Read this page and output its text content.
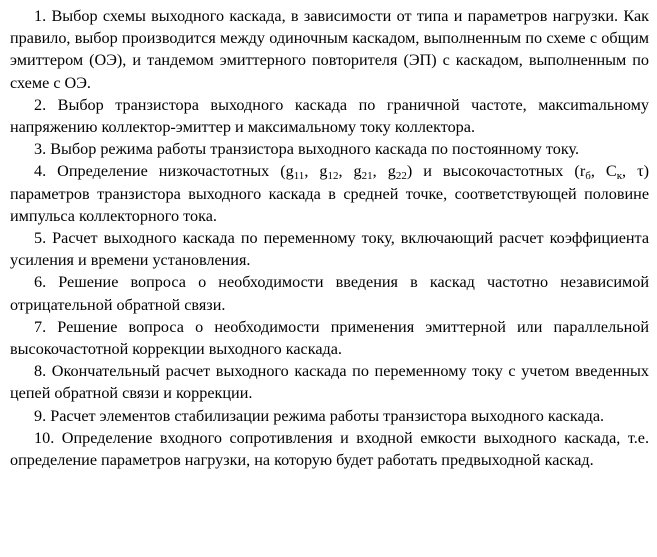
1. Выбор схемы выходного каскада, в зависимости от типа и параметров нагрузки. Как правило, выбор производится между одиночным каскадом, выполненным по схеме с общим эмиттером (ОЭ), и тандемом эмиттерного повторителя (ЭП) с каскадом, выполненным по схеме с ОЭ.

2. Выбор транзистора выходного каскада по граничной частоте, максиmальному напряжению коллектор-эмиттер и максимальному току коллектора.

3. Выбор режима работы транзистора выходного каскада по постоянному току.

4. Определение низкочастотных ($g_{11}$, $g_{12}$, $g_{21}$, $g_{22}$) и высокочастотных ($r_б$, $C_к$, τ) параметров транзистора выходного каскада в средней точке, соответствующей половине импульса коллекторного тока.

5. Расчет выходного каскада по переменному току, включающий расчет коэффициента усиления и времени установления.

6. Решение вопроса о необходимости введения в каскад частотно независимой отрицательной обратной связи.

7. Решение вопроса о необходимости применения эмиттерной или параллельной высокочастотной коррекции выходного каскада.

8. Окончательный расчет выходного каскада по переменному току с учетом введенных цепей обратной связи и коррекции.

9. Расчет элементов стабилизации режима работы транзистора выходного каскада.

10. Определение входного сопротивления и входной емкости выходного каскада, т.е. определение параметров нагрузки, на которую будет работать предвыходной каскад.
